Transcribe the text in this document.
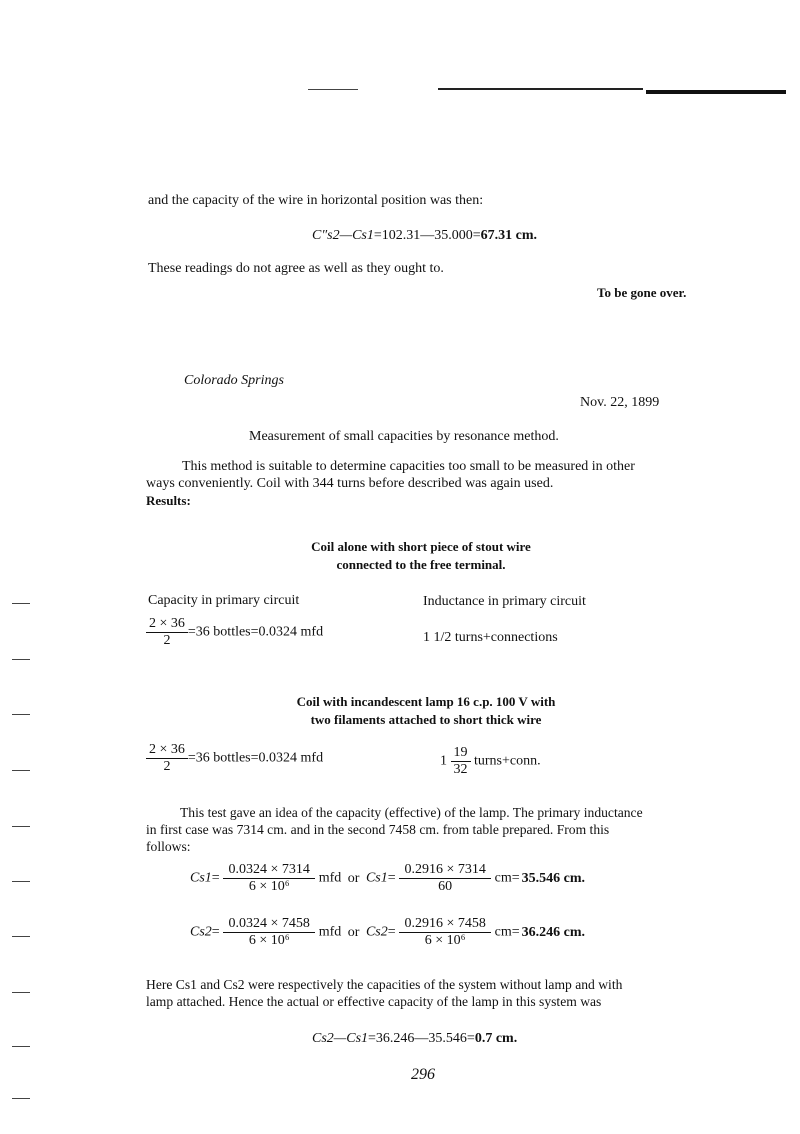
and the capacity of the wire in horizontal position was then:
C″s2—Cs1=102.31—35.000=67.31 cm.
These readings do not agree as well as they ought to.
To be gone over.
Colorado Springs
Nov. 22, 1899
Measurement of small capacities by resonance method.
This method is suitable to determine capacities too small to be measured in other
ways conveniently. Coil with 344 turns before described was again used.
Results:
Coil alone with short piece of stout wire
connected to the free terminal.
Capacity in primary circuit	Inductance in primary circuit
$\frac{2 \times 36}{2} =36$ bottles=0.0324 mfd	1 1/2 turns+connections
Coil with incandescent lamp 16 c.p. 100 V with
two filaments attached to short thick wire
$\frac{2 \times 36}{2} =36$ bottles=0.0324 mfd	$1 \frac{19}{32}$ turns+conn.
This test gave an idea of the capacity (effective) of the lamp. The primary inductance
in first case was 7314 cm. and in the second 7458 cm. from table prepared. From this
follows:
$Cs1= \frac{0.0324 \times 7314}{\text{6 × 10⁶}}$ mfd or $Cs1= \frac{0.2916 \times 7314}{60} cm= 35.546$ cm.
$Cs2= \frac{0.0324 \times 7458}{\text{6 × 10⁶}}$ mfd or $Cs2= \frac{0.2916 \times 7458}{\text{6 × 10⁶}} cm= 36.246$ cm.
Here Cs1 and Cs2 were respectively the capacities of the system without lamp and with
lamp attached. Hence the actual or effective capacity of the lamp in this system was
Cs2—Cs1=36.246—35.546=0.7 cm.
296
